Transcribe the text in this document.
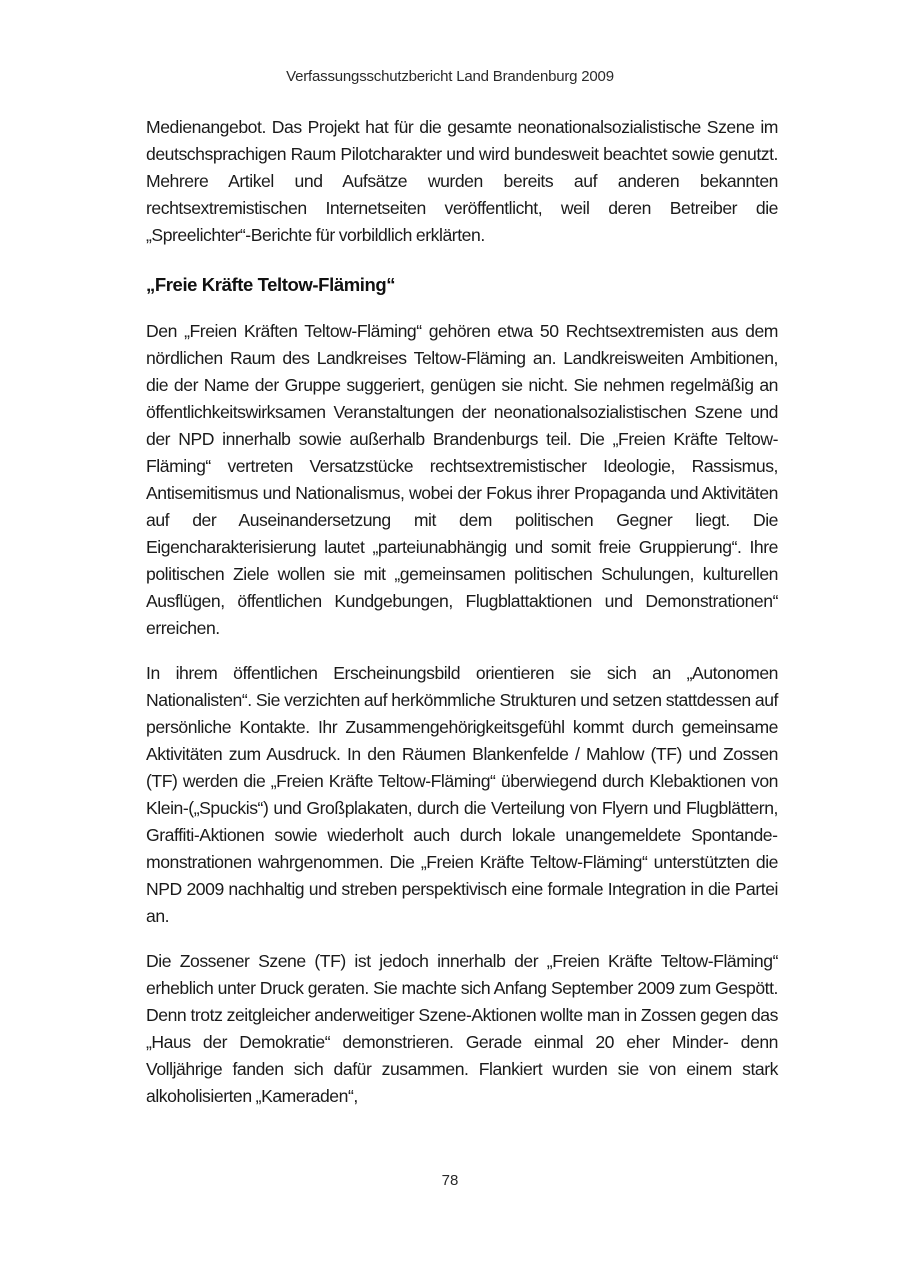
Verfassungsschutzbericht Land Brandenburg 2009

Medienangebot. Das Projekt hat für die gesamte neonationalsozialistische Szene im deutschsprachigen Raum Pilotcharakter und wird bundesweit beachtet sowie genutzt. Mehrere Artikel und Aufsätze wurden bereits auf anderen bekannten rechtsextremistischen Internetseiten veröffentlicht, weil deren Betreiber die „Spreelichter“-Berichte für vorbildlich erklärten.

„Freie Kräfte Teltow-Fläming“

Den „Freien Kräften Teltow-Fläming“ gehören etwa 50 Rechtsextremisten aus dem nördlichen Raum des Landkreises Teltow-Fläming an. Landkreisweiten Ambitionen, die der Name der Gruppe suggeriert, genügen sie nicht. Sie nehmen regelmäßig an öffentlichkeitswirksamen Veranstaltungen der neonationalsozialistischen Szene und der NPD innerhalb sowie außerhalb Brandenburgs teil. Die „Freien Kräfte Teltow-Fläming“ vertreten Versatzstücke rechtsextremistischer Ideologie, Rassismus, Antisemitismus und Nationalismus, wobei der Fokus ihrer Propaganda und Aktivitäten auf der Auseinandersetzung mit dem politischen Gegner liegt. Die Eigencharakterisierung lautet „parteiunabhängig und somit freie Gruppierung“. Ihre politischen Ziele wollen sie mit „gemeinsamen politischen Schulungen, kulturellen Ausflügen, öffentlichen Kundgebungen, Flugblattaktionen und Demonstrationen“ erreichen.

In ihrem öffentlichen Erscheinungsbild orientieren sie sich an „Autonomen Nationalisten“. Sie verzichten auf herkömmliche Strukturen und setzen stattdessen auf persönliche Kontakte. Ihr Zusammengehörigkeitsgefühl kommt durch gemeinsame Aktivitäten zum Ausdruck. In den Räumen Blankenfelde / Mahlow (TF) und Zossen (TF) werden die „Freien Kräfte Teltow-Fläming“ überwiegend durch Klebaktionen von Klein-(„Spuckis“) und Großplakaten, durch die Verteilung von Flyern und Flugblättern, Graffiti-Aktionen sowie wiederholt auch durch lokale unangemeldete Spontandemonstrationen wahrgenommen. Die „Freien Kräfte Teltow-Fläming“ unterstützten die NPD 2009 nachhaltig und streben perspektivisch eine formale Integration in die Partei an.

Die Zossener Szene (TF) ist jedoch innerhalb der „Freien Kräfte Teltow-Fläming“ erheblich unter Druck geraten. Sie machte sich Anfang September 2009 zum Gespött. Denn trotz zeitgleicher anderweitiger Szene-Aktionen wollte man in Zossen gegen das „Haus der Demokratie“ demonstrieren. Gerade einmal 20 eher Minder- denn Volljährige fanden sich dafür zusammen. Flankiert wurden sie von einem stark alkoholisierten „Kameraden“,

78
